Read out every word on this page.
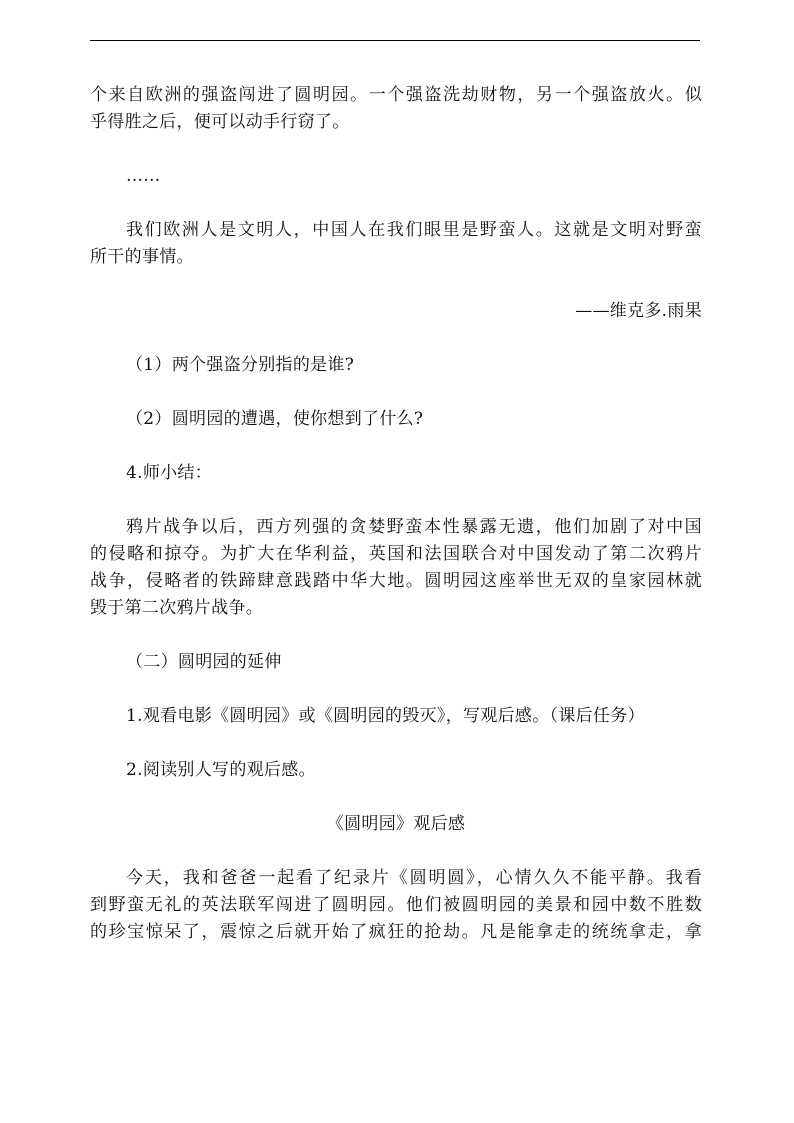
个来自欧洲的强盗闯进了圆明园。一个强盗洗劫财物，另一个强盗放火。似
乎得胜之后，便可以动手行窃了。
……
我们欧洲人是文明人，中国人在我们眼里是野蛮人。这就是文明对野蛮
所干的事情。
——维克多.雨果
（1）两个强盗分别指的是谁?
（2）圆明园的遭遇，使你想到了什么?
4.师小结：
鸦片战争以后，西方列强的贪婪野蛮本性暴露无遗，他们加剧了对中国
的侵略和掠夺。为扩大在华利益，英国和法国联合对中国发动了第二次鸦片
战争，侵略者的铁蹄肆意践踏中华大地。圆明园这座举世无双的皇家园林就
毁于第二次鸦片战争。
（二）圆明园的延伸
1.观看电影《圆明园》或《圆明园的毁灭》，写观后感。（课后任务）
2.阅读别人写的观后感。
《圆明园》观后感
今天，我和爸爸一起看了纪录片《圆明圆》，心情久久不能平静。我看
到野蛮无礼的英法联军闯进了圆明园。他们被圆明园的美景和园中数不胜数
的珍宝惊呆了，震惊之后就开始了疯狂的抢劫。凡是能拿走的统统拿走，拿
